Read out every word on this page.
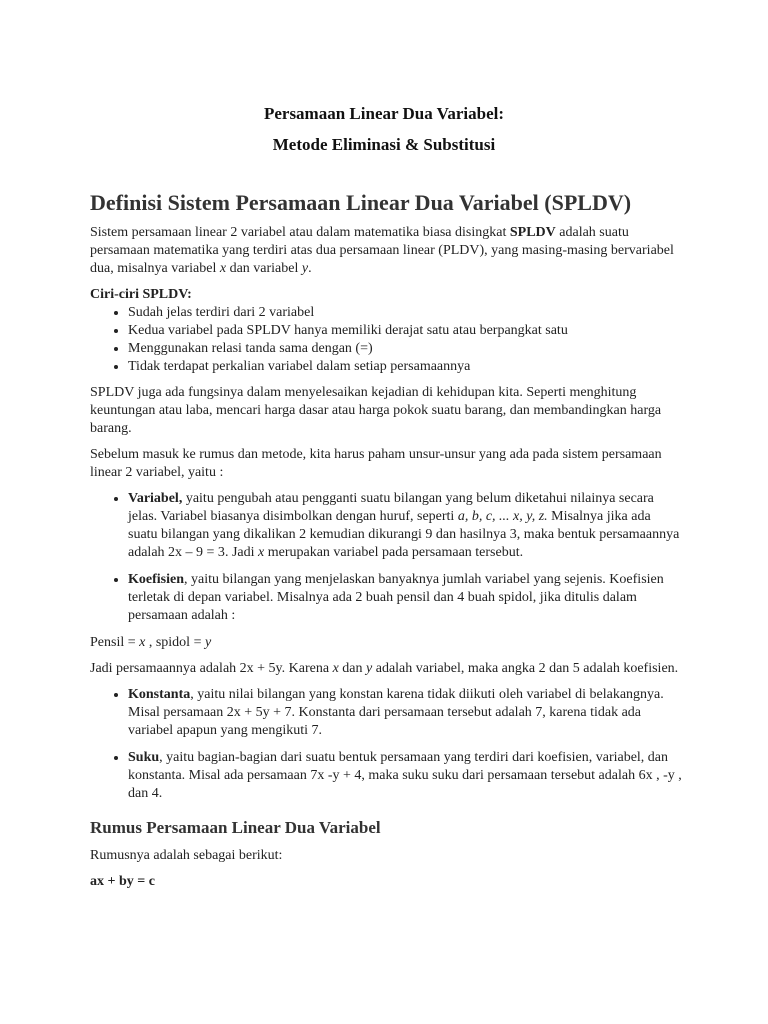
Persamaan Linear Dua Variabel:
Metode Eliminasi & Substitusi
Definisi Sistem Persamaan Linear Dua Variabel (SPLDV)

Sistem persamaan linear 2 variabel atau dalam matematika biasa disingkat SPLDV adalah suatu persamaan matematika yang terdiri atas dua persamaan linear (PLDV), yang masing-masing bervariabel dua, misalnya variabel x dan variabel y.

Ciri-ciri SPLDV:

• Sudah jelas terdiri dari 2 variabel
• Kedua variabel pada SPLDV hanya memiliki derajat satu atau berpangkat satu
• Menggunakan relasi tanda sama dengan (=)
• Tidak terdapat perkalian variabel dalam setiap persamaannya

SPLDV juga ada fungsinya dalam menyelesaikan kejadian di kehidupan kita. Seperti menghitung keuntungan atau laba, mencari harga dasar atau harga pokok suatu barang, dan membandingkan harga barang.

Sebelum masuk ke rumus dan metode, kita harus paham unsur-unsur yang ada pada sistem persamaan linear 2 variabel, yaitu :

• Variabel, yaitu pengubah atau pengganti suatu bilangan yang belum diketahui nilainya secara jelas. Variabel biasanya disimbolkan dengan huruf, seperti a, b, c, ... x, y, z. Misalnya jika ada suatu bilangan yang dikalikan 2 kemudian dikurangi 9 dan hasilnya 3, maka bentuk persamaannya adalah 2x – 9 = 3. Jadi x merupakan variabel pada persamaan tersebut.
• Koefisien, yaitu bilangan yang menjelaskan banyaknya jumlah variabel yang sejenis. Koefisien terletak di depan variabel. Misalnya ada 2 buah pensil dan 4 buah spidol, jika ditulis dalam persamaan adalah :

Pensil = x , spidol = y

Jadi persamaannya adalah 2x + 5y. Karena x dan y adalah variabel, maka angka 2 dan 5 adalah koefisien.

• Konstanta, yaitu nilai bilangan yang konstan karena tidak diikuti oleh variabel di belakangnya. Misal persamaan 2x + 5y + 7. Konstanta dari persamaan tersebut adalah 7, karena tidak ada variabel apapun yang mengikuti 7.
• Suku, yaitu bagian-bagian dari suatu bentuk persamaan yang terdiri dari koefisien, variabel, dan konstanta. Misal ada persamaan 7x -y + 4, maka suku suku dari persamaan tersebut adalah 6x , -y , dan 4.
Rumus Persamaan Linear Dua Variabel

Rumusnya adalah sebagai berikut:

ax + by = c
